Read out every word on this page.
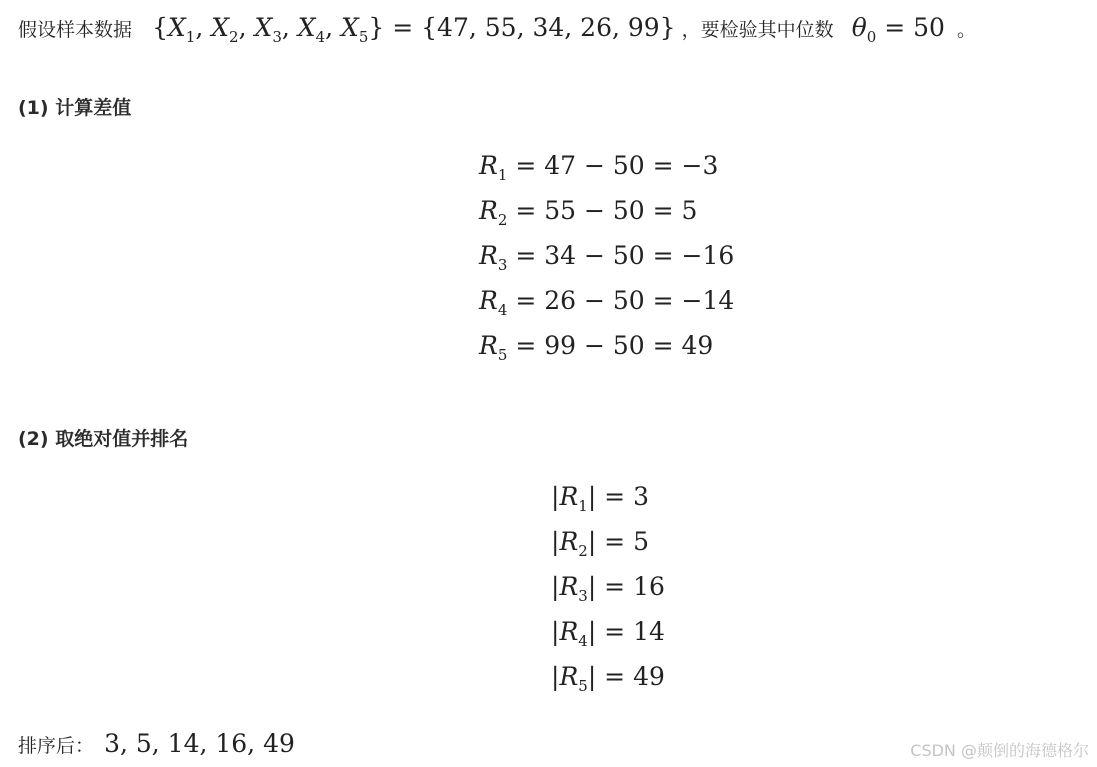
假设样本数据 {$X_1$, $X_2$, $X_3$, $X_4$, $X_5\} = \{47$, 55, 34, 26, 99} ，要检验其中位数 $\theta_0 = 50$ 。
(1) 计算差值
$R_1 = 47 - 50 = -3$
$R_2 = 55 - 50 = 5$
$R_3 = 34 - 50 = -16$
$R_4 = 26 - 50 = -14$
$R_5 = 99 - 50 = 49$
(2) 取绝对值并排名
$|R_1| = 3$
$|R_2| = 5$
$|R_3| = 16$
$|R_4| = 14$
$|R_5| = 49$
排序后： 3, 5, 14, 16, 49	CSDN @颠倒的海德格尔
